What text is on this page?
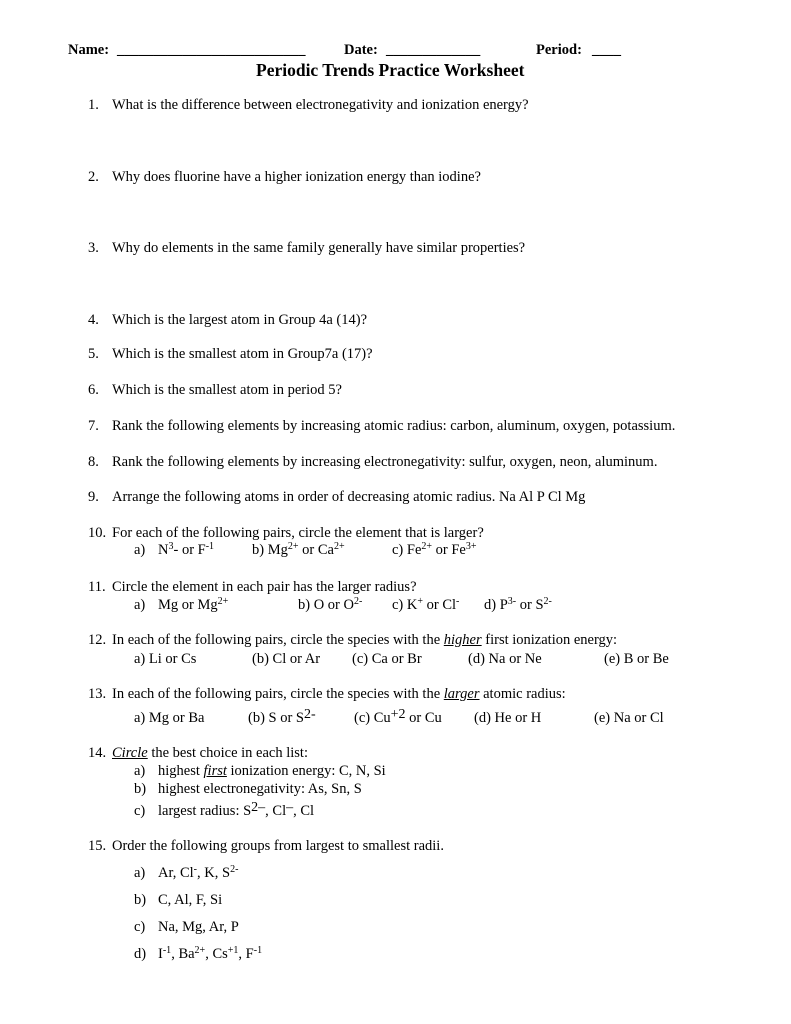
Name: __________________________	Date: _____________	Period: ____
Periodic Trends Practice Worksheet
1. What is the difference between electronegativity and ionization energy?
2. Why does fluorine have a higher ionization energy than iodine?
3. Why do elements in the same family generally have similar properties?
4. Which is the largest atom in Group 4a (14)?
5. Which is the smallest atom in Group7a (17)?
6. Which is the smallest atom in period 5?
7. Rank the following elements by increasing atomic radius: carbon, aluminum, oxygen, potassium.
8. Rank the following elements by increasing electronegativity: sulfur, oxygen, neon, aluminum.
9. Arrange the following atoms in order of decreasing atomic radius. Na Al P Cl Mg
10. For each of the following pairs, circle the element that is larger?
a) $N^3-$ or $F^{-1}$	b) $Mg^{2+}$ or $Ca^{2+}$	c) $Fe^{2+}$ or $Fe^{3+}$
11. Circle the element in each pair has the larger radius?
a) Mg or $Mg^{2+}$	b) O or $O^{2-}$ c) K+ or Cl- d) $P^{3-}$ or $S^{2-}$
12. In each of the following pairs, circle the species with the higher first ionization energy:
a) Li or Cs	(b) Cl or Ar (c) Ca or Br	(d) Na or Ne	(e) B or Be
13. In each of the following pairs, circle the species with the larger atomic radius:
a) Mg or Ba	(b) S or S2-	(c) Cu+2 or Cu (d) He or H	(e) Na or Cl
14. Circle the best choice in each list:
a) highest first ionization energy: C, N, Si
b) highest electronegativity: As, Sn, S
c) largest radius: S2–, Cl–, Cl
15. Order the following groups from largest to smallest radii.
a) Ar, Cl-, K, $S^{2-}$
b) C, Al, F, Si
c) Na, Mg, Ar, P
d) $I^{-1}$, $Ba^{2+}$, $Cs^{+1}$, $F^{-1}$
